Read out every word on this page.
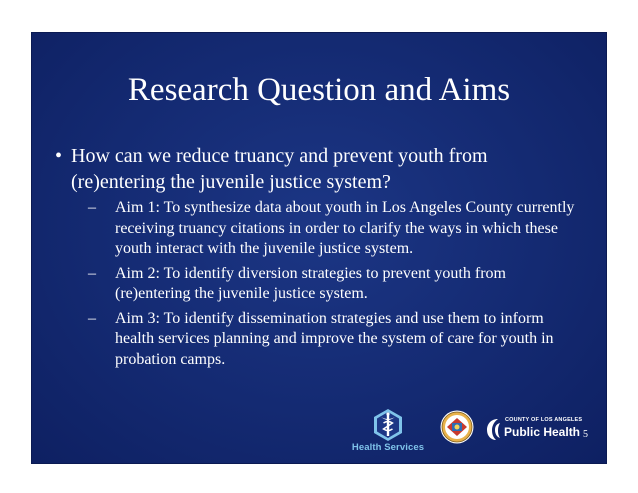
Research Question and Aims
• How can we reduce truancy and prevent youth from (re)entering the juvenile justice system?
– Aim 1: To synthesize data about youth in Los Angeles County currently receiving truancy citations in order to clarify the ways in which these youth interact with the juvenile justice system.
– Aim 2: To identify diversion strategies to prevent youth from (re)entering the juvenile justice system.
– Aim 3: To identify dissemination strategies and use them to inform health services planning and improve the system of care for youth in probation camps.
Health Services
COUNTY OF LOS ANGELES
Public Health 5
